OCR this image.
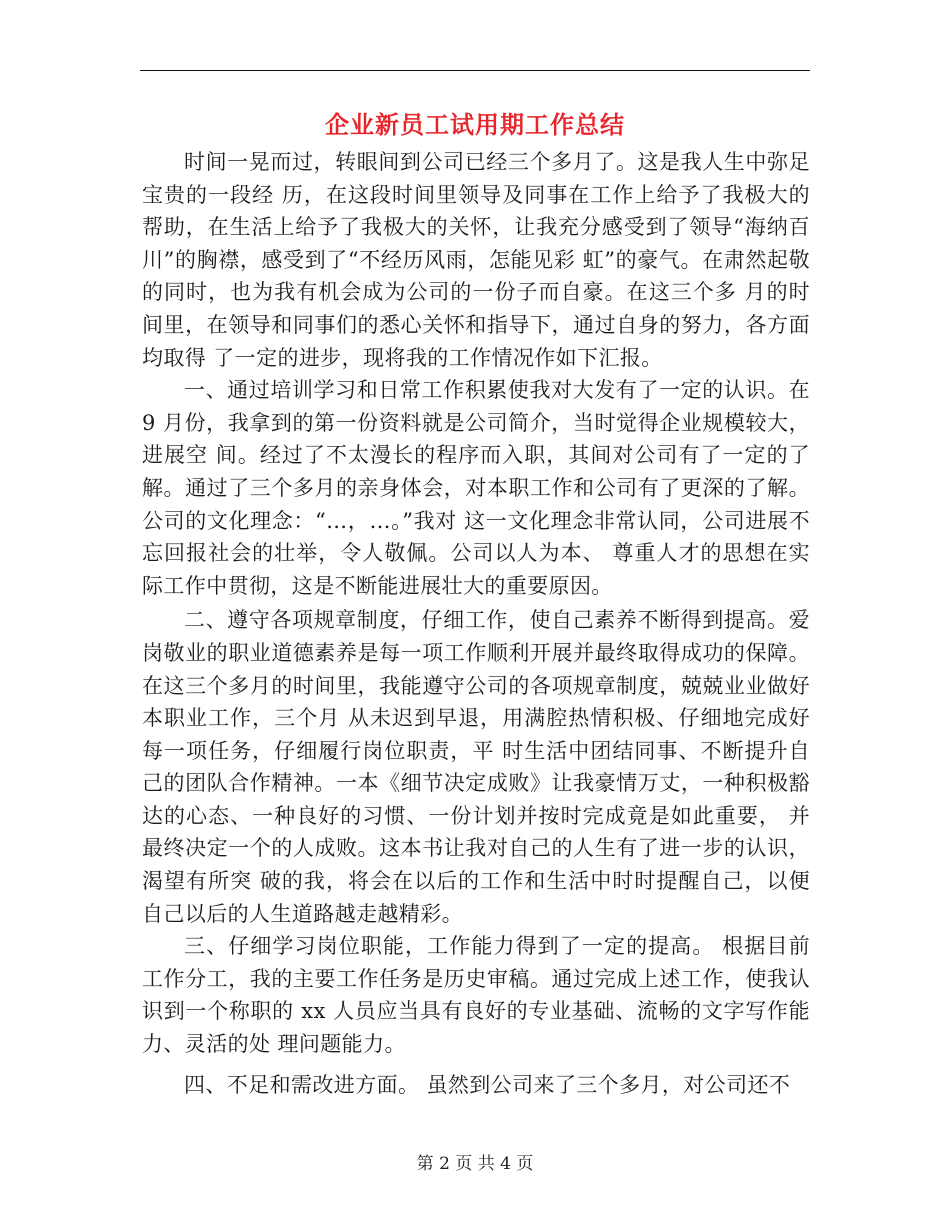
企业新员工试用期工作总结

时间一晃而过，转眼间到公司已经三个多月了。这是我人生中弥足宝贵的一段经 历，在这段时间里领导及同事在工作上给予了我极大的帮助，在生活上给予了我极大的关怀，让我充分感受到了领导“海纳百川”的胸襟，感受到了“不经历风雨，怎能见彩 虹”的豪气。在肃然起敬的同时，也为我有机会成为公司的一份子而自豪。在这三个多 月的时间里，在领导和同事们的悉心关怀和指导下，通过自身的努力，各方面均取得 了一定的进步，现将我的工作情况作如下汇报。

一、通过培训学习和日常工作积累使我对大发有了一定的认识。在 9 月份，我拿到的第一份资料就是公司简介，当时觉得企业规模较大，进展空 间。经过了不太漫长的程序而入职，其间对公司有了一定的了解。通过了三个多月的亲身体会，对本职工作和公司有了更深的了解。公司的文化理念：“…，…。”我对 这一文化理念非常认同，公司进展不忘回报社会的壮举，令人敬佩。公司以人为本、 尊重人才的思想在实际工作中贯彻，这是不断能进展壮大的重要原因。

二、遵守各项规章制度，仔细工作，使自己素养不断得到提高。爱岗敬业的职业道德素养是每一项工作顺利开展并最终取得成功的保障。在这三个多月的时间里，我能遵守公司的各项规章制度，兢兢业业做好本职业工作，三个月 从未迟到早退，用满腔热情积极、仔细地完成好每一项任务，仔细履行岗位职责，平 时生活中团结同事、不断提升自己的团队合作精神。一本《细节决定成败》让我豪情万丈，一种积极豁达的心态、一种良好的习惯、一份计划并按时完成竟是如此重要， 并最终决定一个的人成败。这本书让我对自己的人生有了进一步的认识，渴望有所突 破的我，将会在以后的工作和生活中时时提醒自己，以便自己以后的人生道路越走越精彩。

三、仔细学习岗位职能，工作能力得到了一定的提高。 根据目前工作分工，我的主要工作任务是历史审稿。通过完成上述工作，使我认识到一个称职的 xx 人员应当具有良好的专业基础、流畅的文字写作能力、灵活的处 理问题能力。

四、不足和需改进方面。 虽然到公司来了三个多月，对公司还不

第 2 页 共 4 页
